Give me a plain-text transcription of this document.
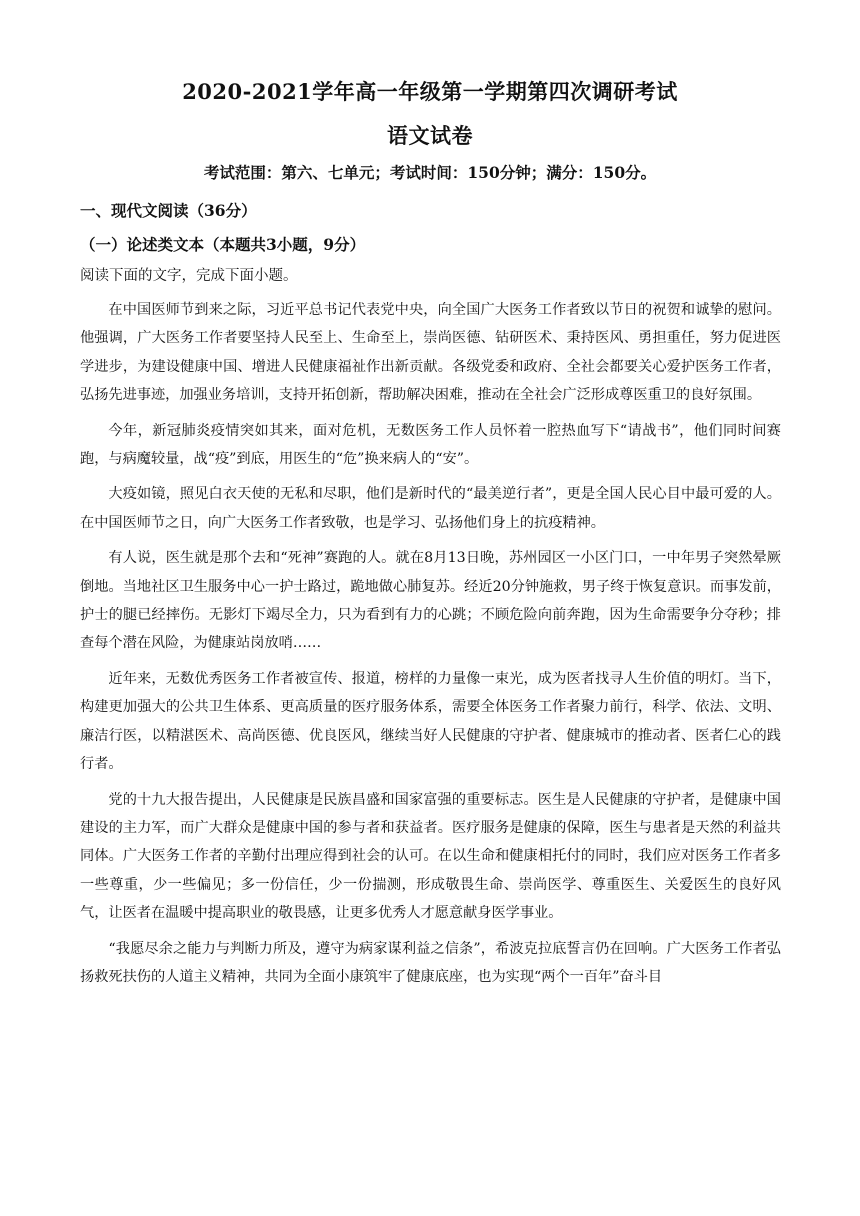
2020-2021学年高一年级第一学期第四次调研考试
语文试卷
考试范围：第六、七单元；考试时间：150分钟；满分：150分。
一、现代文阅读（36分）
（一）论述类文本（本题共3小题，9分）
阅读下面的文字，完成下面小题。

在中国医师节到来之际，习近平总书记代表党中央，向全国广大医务工作者致以节日的祝贺和诚挚的慰问。他强调，广大医务工作者要坚持人民至上、生命至上，崇尚医德、钻研医术、秉持医风、勇担重任，努力促进医学进步，为建设健康中国、增进人民健康福祉作出新贡献。各级党委和政府、全社会都要关心爱护医务工作者，弘扬先进事迹，加强业务培训，支持开拓创新，帮助解决困难，推动在全社会广泛形成尊医重卫的良好氛围。

今年，新冠肺炎疫情突如其来，面对危机，无数医务工作人员怀着一腔热血写下“请战书”，他们同时间赛跑，与病魔较量，战“疫”到底，用医生的“危”换来病人的“安”。

大疫如镜，照见白衣天使的无私和尽职，他们是新时代的“最美逆行者”，更是全国人民心目中最可爱的人。在中国医师节之日，向广大医务工作者致敬，也是学习、弘扬他们身上的抗疫精神。

有人说，医生就是那个去和“死神”赛跑的人。就在8月13日晚，苏州园区一小区门口，一中年男子突然晕厥倒地。当地社区卫生服务中心一护士路过，跪地做心肺复苏。经近20分钟施救，男子终于恢复意识。而事发前，护士的腿已经摔伤。无影灯下竭尽全力，只为看到有力的心跳；不顾危险向前奔跑，因为生命需要争分夺秒；排查每个潜在风险，为健康站岗放哨……

近年来，无数优秀医务工作者被宣传、报道，榜样的力量像一束光，成为医者找寻人生价值的明灯。当下，构建更加强大的公共卫生体系、更高质量的医疗服务体系，需要全体医务工作者聚力前行，科学、依法、文明、廉洁行医，以精湛医术、高尚医德、优良医风，继续当好人民健康的守护者、健康城市的推动者、医者仁心的践行者。

党的十九大报告提出，人民健康是民族昌盛和国家富强的重要标志。医生是人民健康的守护者，是健康中国建设的主力军，而广大群众是健康中国的参与者和获益者。医疗服务是健康的保障，医生与患者是天然的利益共同体。广大医务工作者的辛勤付出理应得到社会的认可。在以生命和健康相托付的同时，我们应对医务工作者多一些尊重，少一些偏见；多一份信任，少一份揣测，形成敬畏生命、崇尚医学、尊重医生、关爱医生的良好风气，让医者在温暖中提高职业的敬畏感，让更多优秀人才愿意献身医学事业。

“我愿尽余之能力与判断力所及，遵守为病家谋利益之信条”，希波克拉底誓言仍在回响。广大医务工作者弘扬救死扶伤的人道主义精神，共同为全面小康筑牢了健康底座，也为实现“两个一百年”奋斗目
